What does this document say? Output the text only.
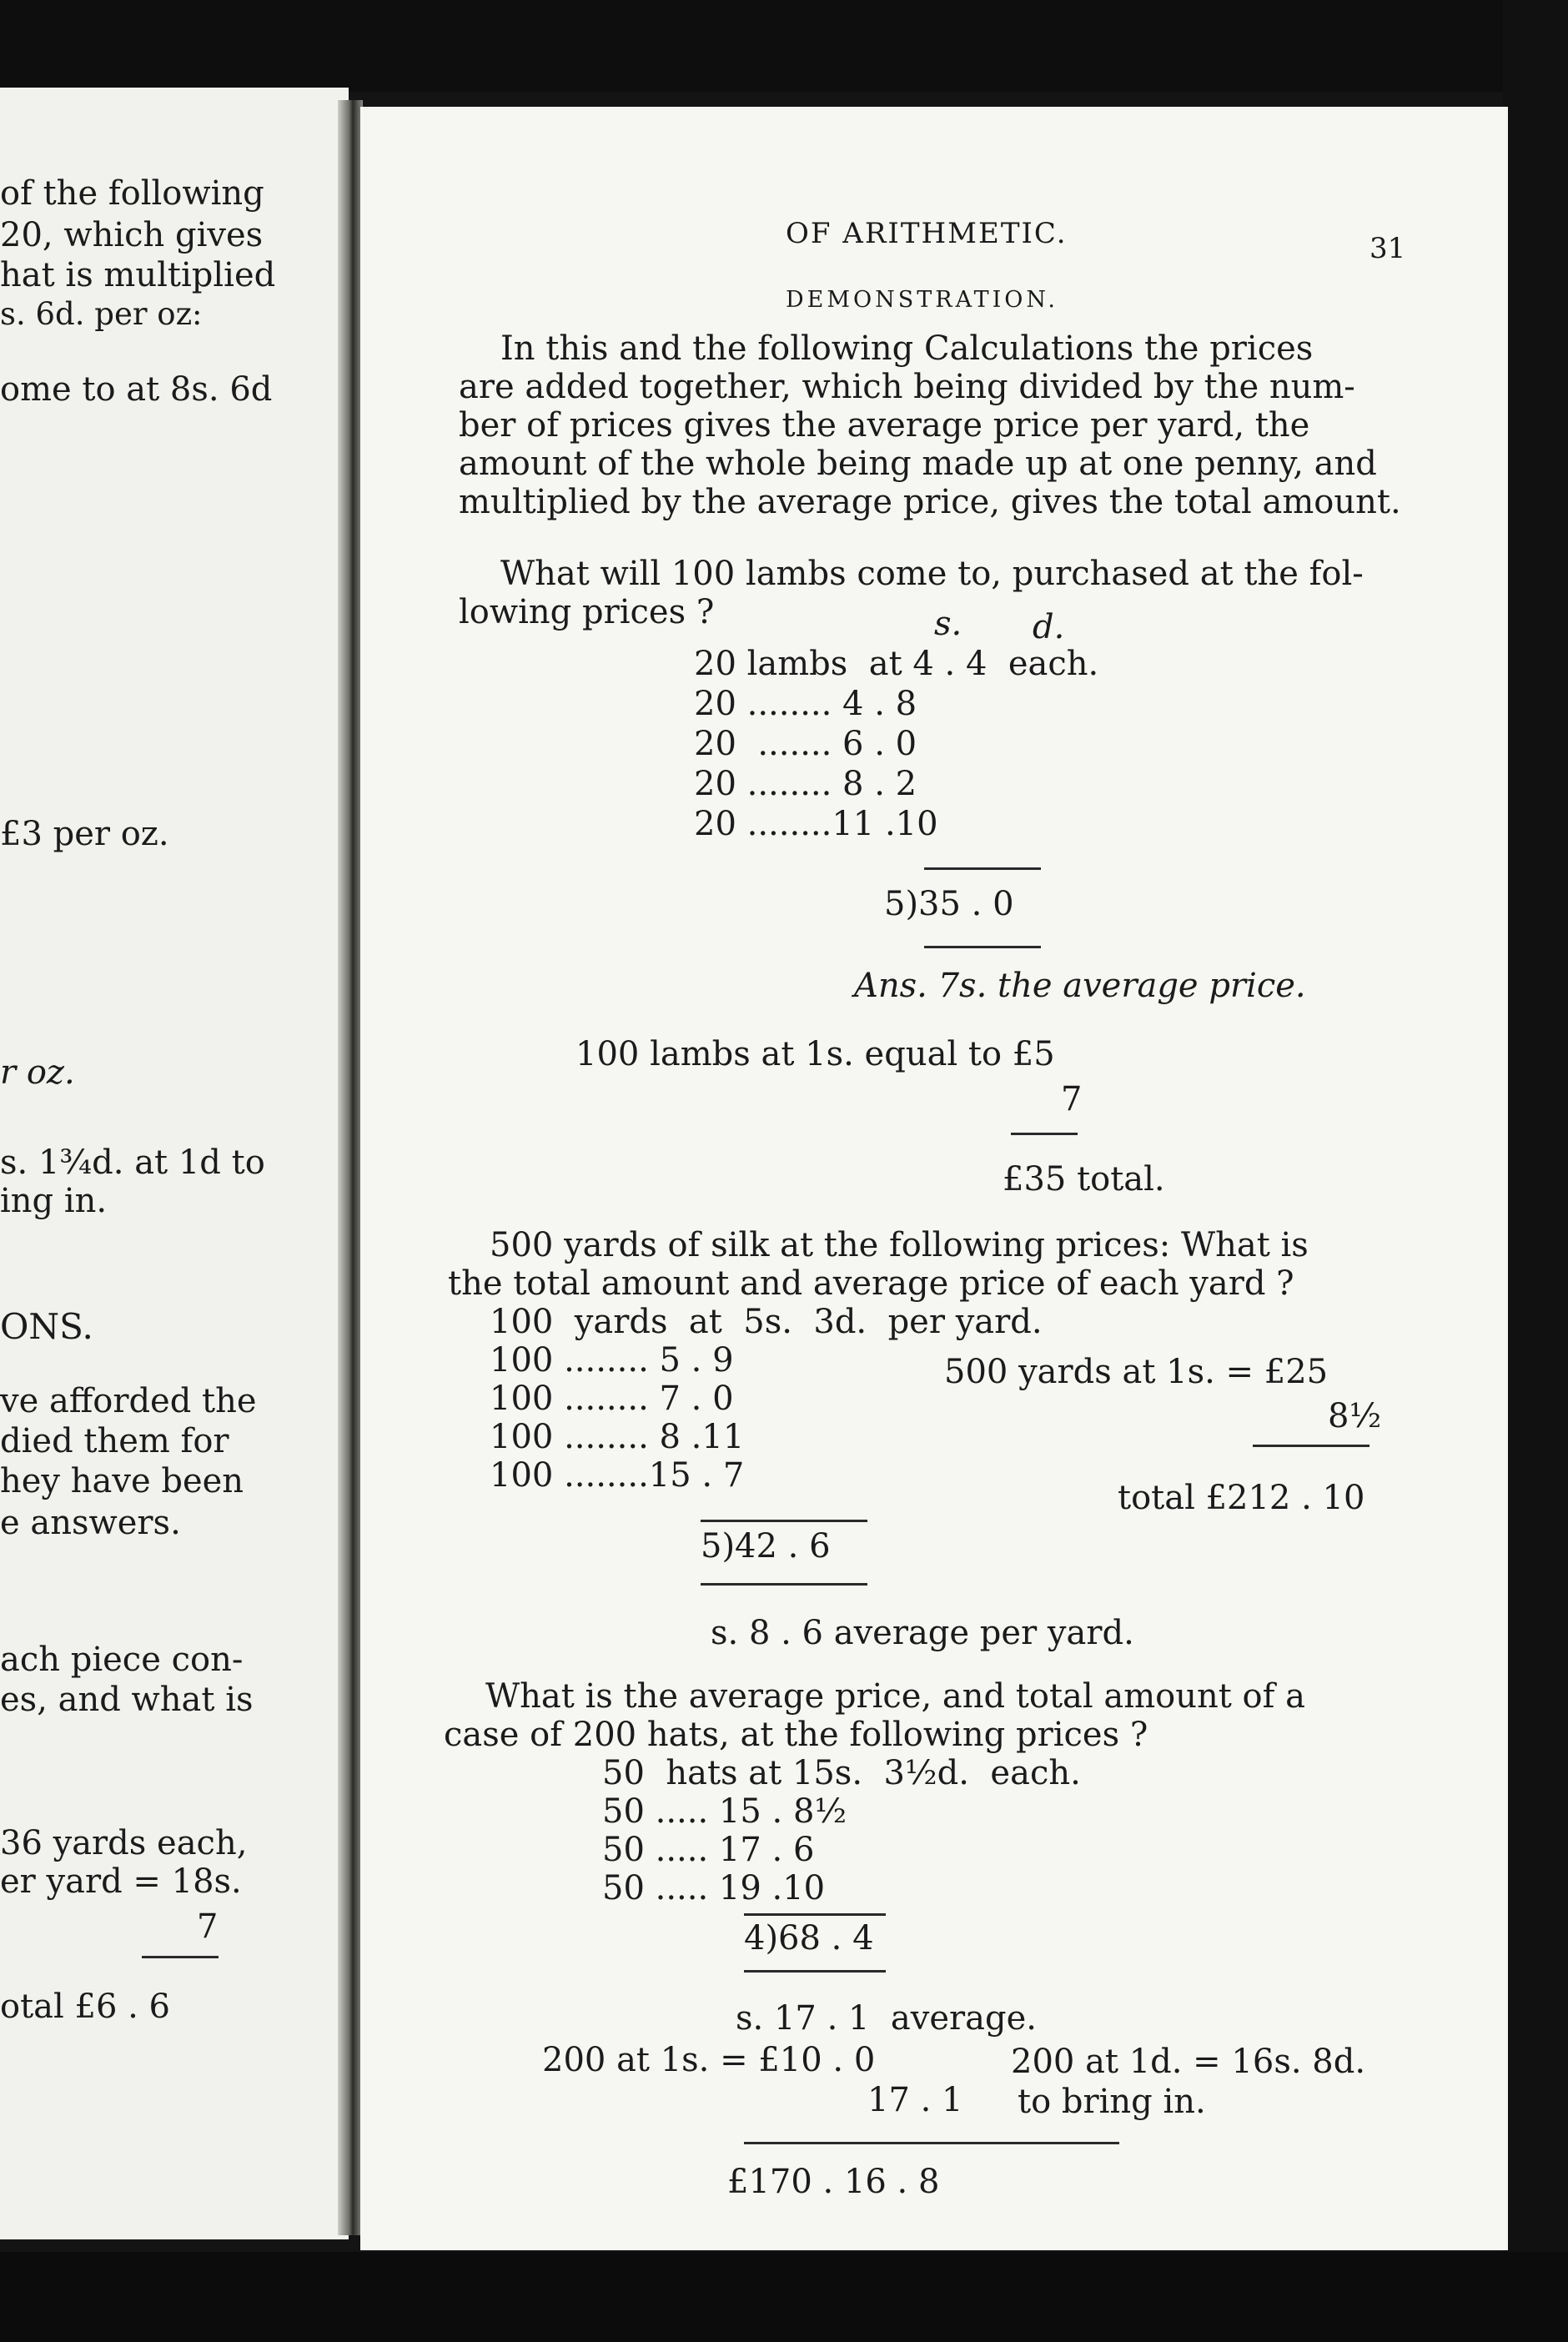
of the following
20, which gives
hat is multiplied
s. 6d. per oz:
ome to at 8s. 6d
£3 per oz.
r oz.
s. 1¾d. at 1d to
ing in.
ONS.
ve afforded the
died them for
hey have been
e answers.
ach piece con-
es, and what is
36 yards each,
er yard = 18s.
7
otal £6 . 6
OF ARITHMETIC.	31
DEMONSTRATION.
In this and the following Calculations the prices
are added together, which being divided by the num-
ber of prices gives the average price per yard, the
amount of the whole being made up at one penny, and
multiplied by the average price, gives the total amount.
What will 100 lambs come to, purchased at the fol-
lowing prices ?	s. d.
20 lambs  at 4 . 4  each.
20 ........ 4 . 8
20  ....... 6 . 0
20 ........ 8 . 2
20 ........11 .10
5)35 . 0
Ans. 7s. the average price.
100 lambs at 1s. equal to £5
7
£35 total.
500 yards of silk at the following prices: What is
the total amount and average price of each yard ?
100  yards  at  5s.  3d.  per yard.
100 ........ 5 . 9
100 ........ 7 . 0
100 ........ 8 .11
100 ........15 . 7
500 yards at 1s. = £25
8½
total £212 . 10
5)42 . 6
s. 8 . 6 average per yard.
What is the average price, and total amount of a
case of 200 hats, at the following prices ?
50  hats at 15s.  3½d.  each.
50 ..... 15 . 8½
50 ..... 17 . 6
50 ..... 19 .10
4)68 . 4
s. 17 . 1  average.
200 at 1s. = £10 . 0	200 at 1d. = 16s. 8d.
17 . 1 to bring in.
£170 . 16 . 8
